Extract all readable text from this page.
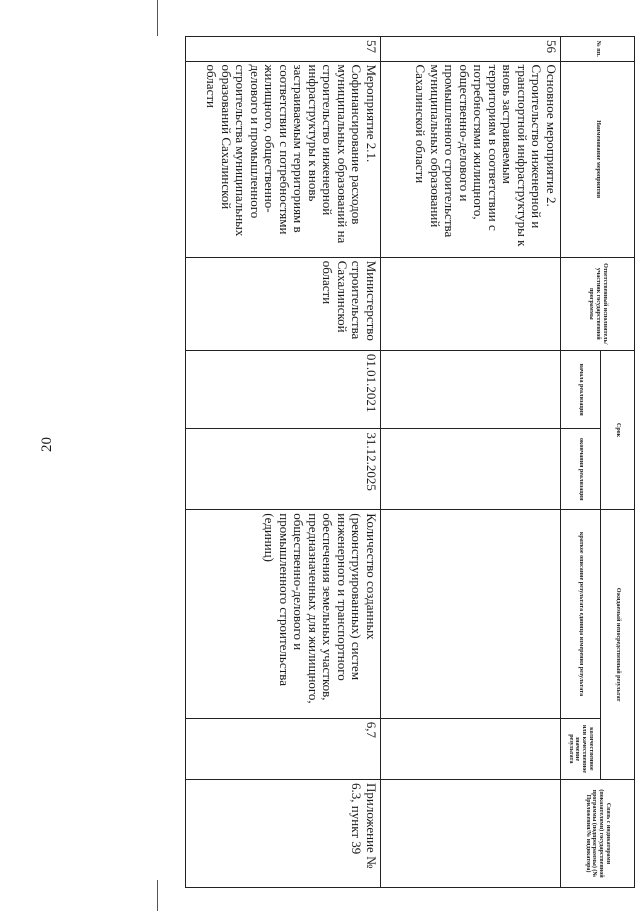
20
№ пп.	Наименование мероприятия	Ответственный исполнитель/участник государственной программы	Срок		Ожидаемый непосредственный результат		Связь с индикаторами (показателями) государственной программы (подпрограммы) (№ Приложения/№ индикатора)
			начала реализации	окончания реализации	краткое описание результата единица измерения результата	количественное или качественное значение результата	
56	Основное мероприятие 2. Строительство инженерной и транспортной инфраструктуры к вновь застраиваемым территориям в соответствии с потребностями жилищного, общественно-делового и промышленного строительства муниципальных образований Сахалинской области						
57	Мероприятие 2.1. Софинансирование расходов муниципальных образований на строительство инженерной инфраструктуры к вновь застраиваемым территориям в соответствии с потребностями жилищного, общественно-делового и промышленного строительства муниципальных образований Сахалинской области	Министерство строительства Сахалинской области	01.01.2021	31.12.2025	Количество созданных (реконструированных) систем инженерного и транспортного обеспечения земельных участков, предназначенных для жилищного, общественно-делового и промышленного строительства (единиц)	6,7	Приложение № 6.3, пункт 39
